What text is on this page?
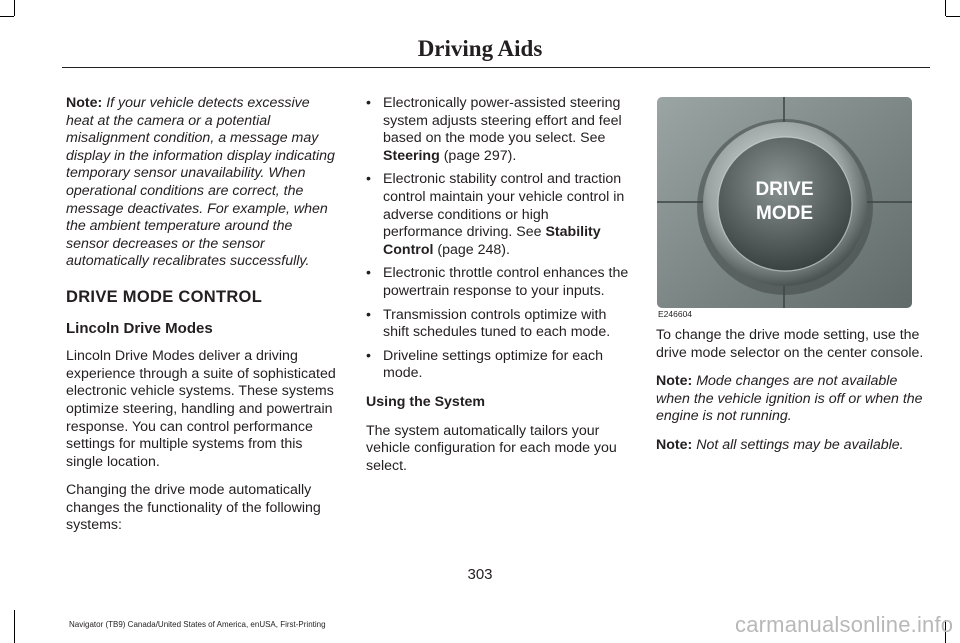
Driving Aids

Note: If your vehicle detects excessive heat at the camera or a potential misalignment condition, a message may display in the information display indicating temporary sensor unavailability. When operational conditions are correct, the message deactivates. For example, when the ambient temperature around the sensor decreases or the sensor automatically recalibrates successfully.

DRIVE MODE CONTROL
Lincoln Drive Modes

Lincoln Drive Modes deliver a driving experience through a suite of sophisticated electronic vehicle systems. These systems optimize steering, handling and powertrain response. You can control performance settings for multiple systems from this single location.

Changing the drive mode automatically changes the functionality of the following systems:

• Electronically power-assisted steering system adjusts steering effort and feel based on the mode you select. See Steering (page 297).
• Electronic stability control and traction control maintain your vehicle control in adverse conditions or high performance driving. See Stability Control (page 248).
• Electronic throttle control enhances the powertrain response to your inputs.
• Transmission controls optimize with shift schedules tuned to each mode.
• Driveline settings optimize for each mode.
Using the System

The system automatically tailors your vehicle configuration for each mode you select.

DRIVE
MODE
E246604

To change the drive mode setting, use the drive mode selector on the center console.

Note: Mode changes are not available when the vehicle ignition is off or when the engine is not running.

Note: Not all settings may be available.

303
Navigator (TB9) Canada/United States of America, enUSA, First-Printing	carmanualsonline.info
